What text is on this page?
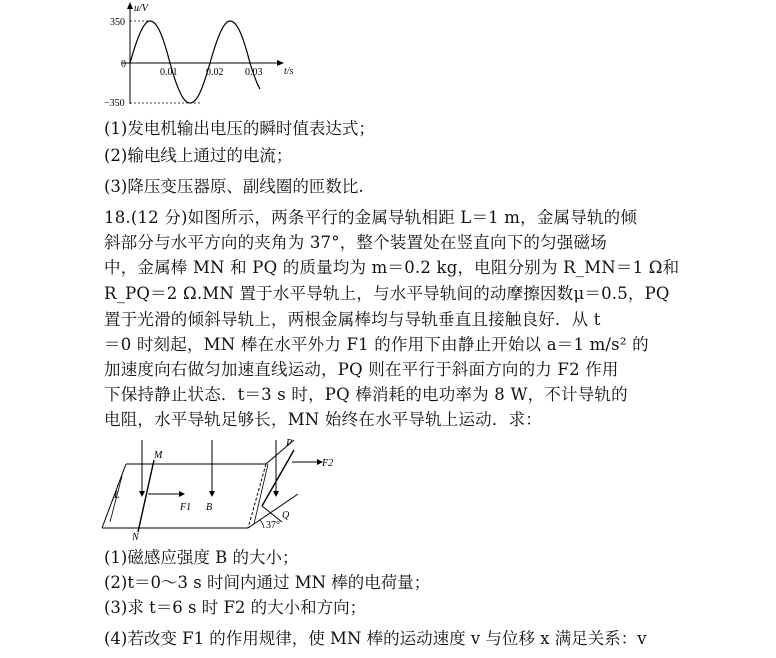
u/V
350
0
−350
0.01	0.02 0.03 t/s
(1)发电机输出电压的瞬时值表达式；
(2)输电线上通过的电流；
(3)降压变压器原、副线圈的匝数比.
18.(12 分)如图所示，两条平行的金属导轨相距 L＝1 m，金属导轨的倾
斜部分与水平方向的夹角为 37°，整个装置处在竖直向下的匀强磁场
中，金属棒 MN 和 PQ 的质量均为 m＝0.2 kg，电阻分别为 R_MN＝1 Ω和
R_PQ＝2 Ω.MN 置于水平导轨上，与水平导轨间的动摩擦因数μ＝0.5，PQ
置于光滑的倾斜导轨上，两根金属棒均与导轨垂直且接触良好．从 t
＝0 时刻起，MN 棒在水平外力 F1 的作用下由静止开始以 a＝1 m/s² 的
加速度向右做匀加速直线运动，PQ 则在平行于斜面方向的力 F2 作用
下保持静止状态．t＝3 s 时，PQ 棒消耗的电功率为 8 W，不计导轨的
电阻，水平导轨足够长，MN 始终在水平导轨上运动．求：
M
N
L
F1 B
P
F2
Q
37°
(1)磁感应强度 B 的大小；
(2)t＝0～3 s 时间内通过 MN 棒的电荷量；
(3)求 t＝6 s 时 F2 的大小和方向；
(4)若改变 F1 的作用规律，使 MN 棒的运动速度 v 与位移 x 满足关系：v
